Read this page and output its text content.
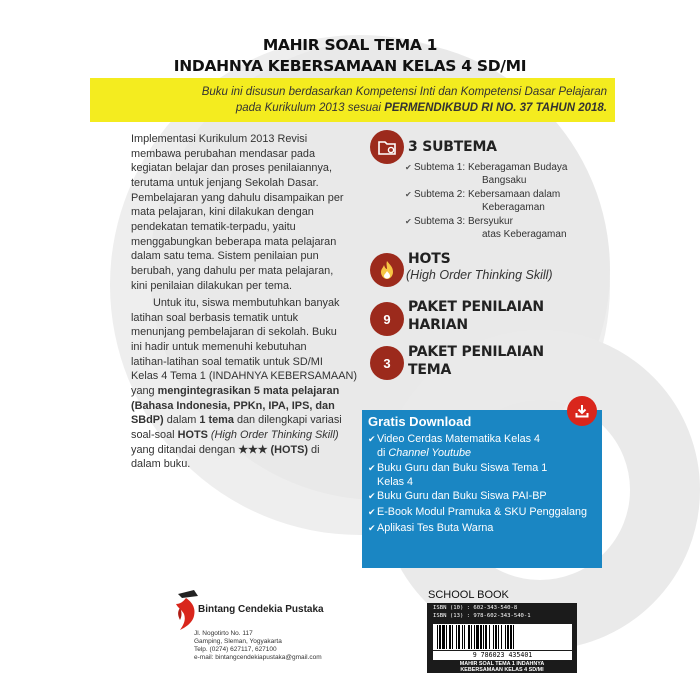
MAHIR SOAL TEMA 1
INDAHNYA KEBERSAMAAN KELAS 4 SD/MI
Buku ini disusun berdasarkan Kompetensi Inti dan Kompetensi Dasar Pelajaran
pada Kurikulum 2013 sesuai PERMENDIKBUD RI NO. 37 TAHUN 2018.

Implementasi Kurikulum 2013 Revisi

membawa perubahan mendasar pada

kegiatan belajar dan proses penilaiannya,

terutama untuk jenjang Sekolah Dasar.

Pembelajaran yang dahulu disampaikan per

mata pelajaran, kini dilakukan dengan

pendekatan tematik-terpadu, yaitu

menggabungkan beberapa mata pelajaran

dalam satu tema. Sistem penilaian pun

berubah, yang dahulu per mata pelajaran,

kini penilaian dilakukan per tema.

Untuk itu, siswa membutuhkan banyak

latihan soal berbasis tematik untuk

menunjang pembelajaran di sekolah. Buku

ini hadir untuk memenuhi kebutuhan

latihan-latihan soal tematik untuk SD/MI

Kelas 4 Tema 1 (INDAHNYA KEBERSAMAAN)

yang mengintegrasikan 5 mata pelajaran

(Bahasa Indonesia, PPKn, IPA, IPS, dan

SBdP) dalam 1 tema dan dilengkapi variasi

soal-soal HOTS (High Order Thinking Skill)

yang ditandai dengan ★★★ (HOTS) di

dalam buku.

3 SUBTEMA
✔ Subtema 1: Keberagaman Budaya
Bangsaku
✔ Subtema 2: Kebersamaan dalam
Keberagaman
✔ Subtema 3: Bersyukur
atas Keberagaman
HOTS
(High Order Thinking Skill)
9
PAKET PENILAIAN
HARIAN
3
PAKET PENILAIAN
TEMA
Gratis Download
✔Video Cerdas Matematika Kelas 4
di Channel Youtube
✔Buku Guru dan Buku Siswa Tema 1
Kelas 4
✔Buku Guru dan Buku Siswa PAI-BP
✔E-Book Modul Pramuka & SKU Penggalang
✔Aplikasi Tes Buta Warna
Bintang Cendekia Pustaka
Jl. Nogotirto No. 117
Gamping, Sleman, Yogyakarta
Telp. (0274) 627117, 627100
e-mail: bintangcendekiapustaka@gmail.com
SCHOOL BOOK
ISBN (10) : 602-343-540-8
ISBN (13) : 978-602-343-540-1
9 786023 435401
MAHIR SOAL TEMA 1 INDAHNYA
KEBERSAMAAN KELAS 4 SD/MI
